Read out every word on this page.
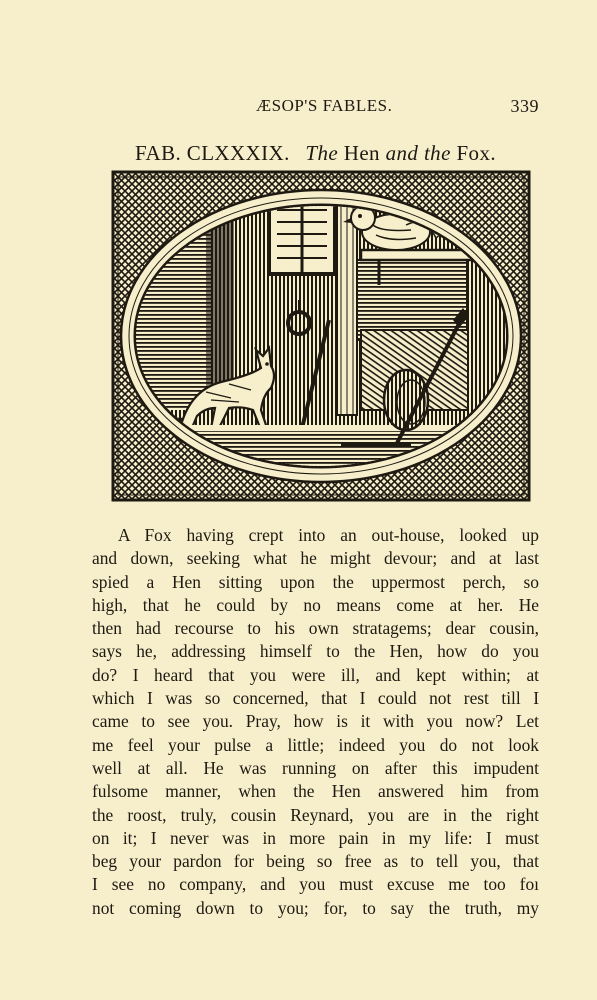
ÆSOP'S FABLES.	339
FAB. CLXXXIX. The Hen and the Fox.
A Fox having crept into an out-house, looked up
and down, seeking what he might devour; and at last
spied a Hen sitting upon the uppermost perch, so
high, that he could by no means come at her. He
then had recourse to his own stratagems; dear cousin,
says he, addressing himself to the Hen, how do you
do? I heard that you were ill, and kept within; at
which I was so concerned, that I could not rest till I
came to see you. Pray, how is it with you now? Let
me feel your pulse a little; indeed you do not look
well at all. He was running on after this impudent
fulsome manner, when the Hen answered him from
the roost, truly, cousin Reynard, you are in the right
on it; I never was in more pain in my life: I must
beg your pardon for being so free as to tell you, that
I see no company, and you must excuse me too foı
not coming down to you; for, to say the truth, my
